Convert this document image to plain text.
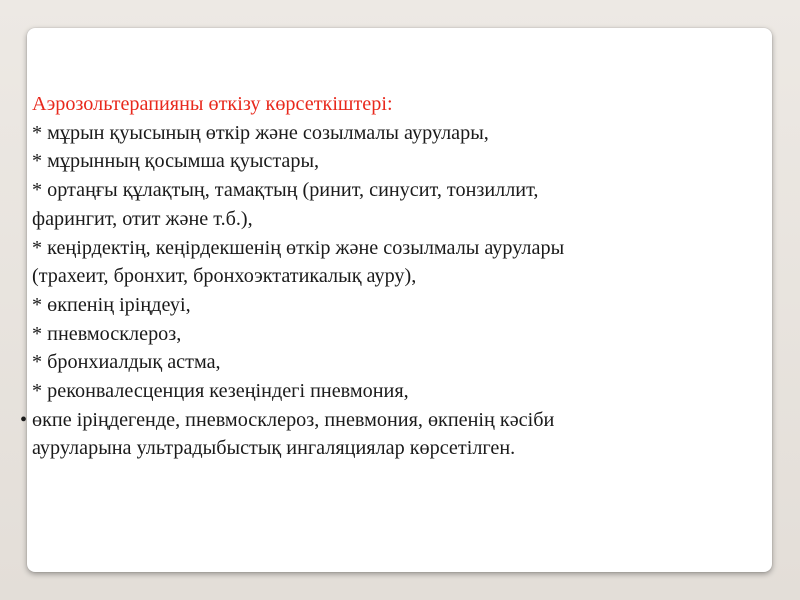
Аэрозольтерапияны өткізу көрсеткіштері:
* мұрын қуысының өткір және созылмалы аурулары,
* мұрынның қосымша қуыстары,
* ортаңғы құлақтың, тамақтың (ринит, синусит, тонзиллит,
фарингит, отит және т.б.),
* кеңірдектің, кеңірдекшенің өткір және созылмалы аурулары
(трахеит, бронхит, бронхоэктатикалық ауру),
* өкпенің іріңдеуі,
* пневмосклероз,
* бронхиалдық астма,
* реконвалесценция кезеңіндегі пневмония,
• өкпе іріңдегенде, пневмосклероз, пневмония, өкпенің кәсіби
ауруларына ультрадыбыстық ингаляциялар көрсетілген.
